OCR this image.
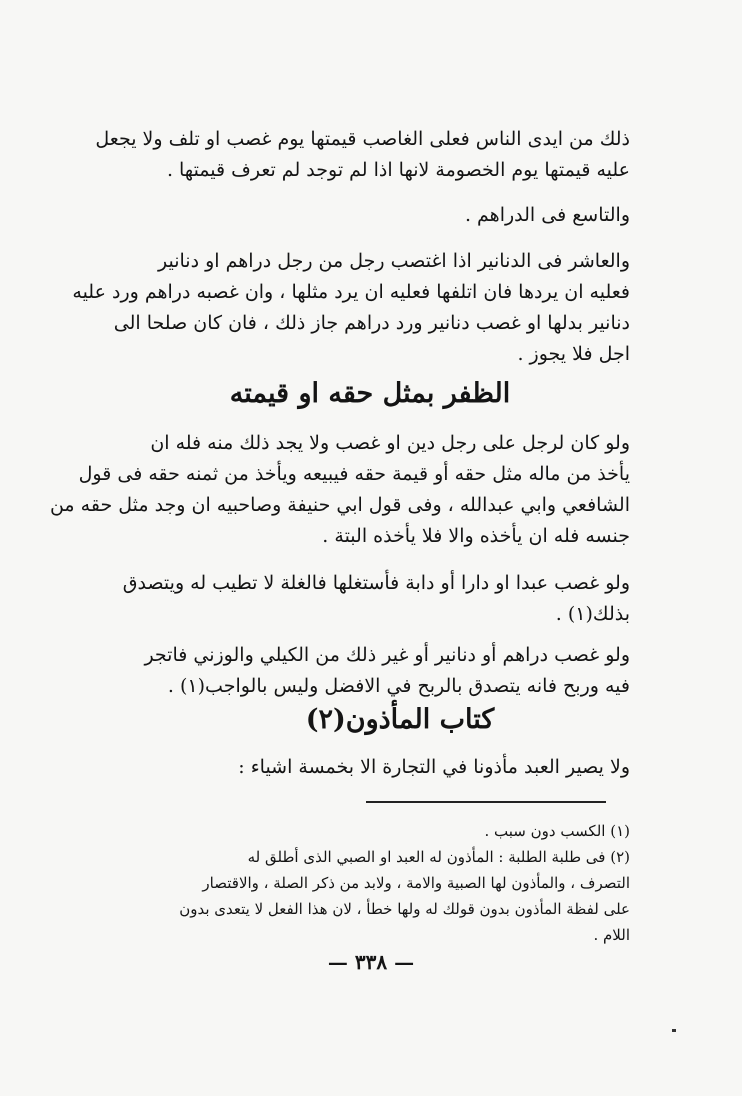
ذلك من ايدى الناس فعلى الغاصب قيمتها يوم غصب او تلف ولا يجعل
عليه قيمتها يوم الخصومة لانها اذا لم توجد لم تعرف قيمتها .
والتاسع فى الدراهم .
والعاشر فى الدنانير اذا اغتصب رجل من رجل دراهم او دنانير
فعليه ان يردها فان اتلفها فعليه ان يرد مثلها ، وان غصبه دراهم ورد عليه
دنانير بدلها او غصب دنانير ورد دراهم جاز ذلك ، فان كان صلحا الى
اجل فلا يجوز .
الظفر بمثل حقه او قيمته
ولو كان لرجل على رجل دين او غصب ولا يجد ذلك منه فله ان
يأخذ من ماله مثل حقه أو قيمة حقه فيبيعه ويأخذ من ثمنه حقه فى قول
الشافعي وابي عبدالله ، وفى قول ابي حنيفة وصاحبيه ان وجد مثل حقه من
جنسه فله ان يأخذه والا فلا يأخذه البتة .
ولو غصب عبدا او دارا أو دابة فأستغلها فالغلة لا تطيب له ويتصدق
بذلك(١) .
ولو غصب دراهم أو دنانير أو غير ذلك من الكيلي والوزني فاتجر
فيه وربح فانه يتصدق بالربح في الافضل وليس بالواجب(١) .
كتاب المأذون(٢)
ولا يصير العبد مأذونا في التجارة الا بخمسة اشياء :
(١) الكسب دون سبب .
(٢) فى طلبة الطلبة : المأذون له العبد او الصبي الذى أطلق له
التصرف ، والمأذون لها الصبية والامة ، ولابد من ذكر الصلة ، والاقتصار
على لفظة المأذون بدون قولك له ولها خطأ ، لان هذا الفعل لا يتعدى بدون
اللام .
— ٣٣٨ —
